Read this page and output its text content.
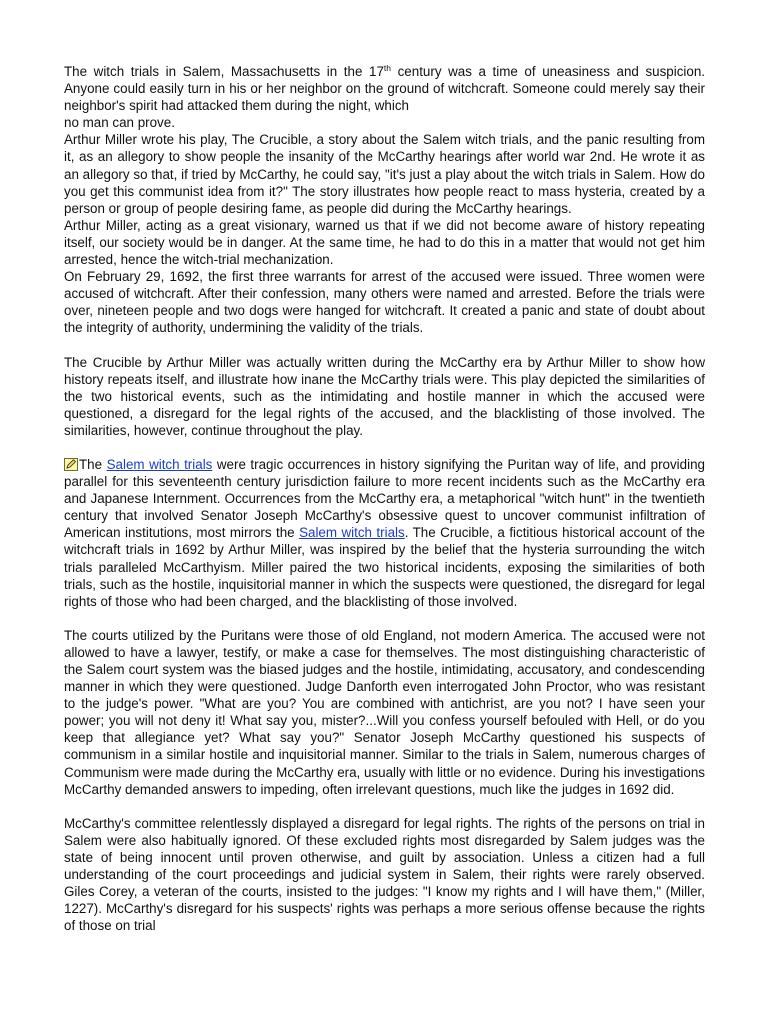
The witch trials in Salem, Massachusetts in the 17th century was a time of uneasiness and suspicion. Anyone could easily turn in his or her neighbor on the ground of witchcraft. Someone could merely say their neighbor's spirit had attacked them during the night, which

no man can prove.

Arthur Miller wrote his play, The Crucible, a story about the Salem witch trials, and the panic resulting from it, as an allegory to show people the insanity of the McCarthy hearings after world war 2nd. He wrote it as an allegory so that, if tried by McCarthy, he could say, "it's just a play about the witch trials in Salem. How do you get this communist idea from it?" The story illustrates how people react to mass hysteria, created by a person or group of people desiring fame, as people did during the McCarthy hearings.

Arthur Miller, acting as a great visionary, warned us that if we did not become aware of history repeating itself, our society would be in danger. At the same time, he had to do this in a matter that would not get him arrested, hence the witch-trial mechanization.

On February 29, 1692, the first three warrants for arrest of the accused were issued. Three women were accused of witchcraft. After their confession, many others were named and arrested. Before the trials were over, nineteen people and two dogs were hanged for witchcraft. It created a panic and state of doubt about the integrity of authority, undermining the validity of the trials.

The Crucible by Arthur Miller was actually written during the McCarthy era by Arthur Miller to show how history repeats itself, and illustrate how inane the McCarthy trials were. This play depicted the similarities of the two historical events, such as the intimidating and hostile manner in which the accused were questioned, a disregard for the legal rights of the accused, and the blacklisting of those involved. The similarities, however, continue throughout the play.

The Salem witch trials were tragic occurrences in history signifying the Puritan way of life, and providing parallel for this seventeenth century jurisdiction failure to more recent incidents such as the McCarthy era and Japanese Internment. Occurrences from the McCarthy era, a metaphorical "witch hunt" in the twentieth century that involved Senator Joseph McCarthy's obsessive quest to uncover communist infiltration of American institutions, most mirrors the Salem witch trials. The Crucible, a fictitious historical account of the witchcraft trials in 1692 by Arthur Miller, was inspired by the belief that the hysteria surrounding the witch trials paralleled McCarthyism. Miller paired the two historical incidents, exposing the similarities of both trials, such as the hostile, inquisitorial manner in which the suspects were questioned, the disregard for legal rights of those who had been charged, and the blacklisting of those involved.

The courts utilized by the Puritans were those of old England, not modern America. The accused were not allowed to have a lawyer, testify, or make a case for themselves. The most distinguishing characteristic of the Salem court system was the biased judges and the hostile, intimidating, accusatory, and condescending manner in which they were questioned. Judge Danforth even interrogated John Proctor, who was resistant to the judge's power. "What are you? You are combined with antichrist, are you not? I have seen your power; you will not deny it! What say you, mister?...Will you confess yourself befouled with Hell, or do you keep that allegiance yet? What say you?" Senator Joseph McCarthy questioned his suspects of communism in a similar hostile and inquisitorial manner. Similar to the trials in Salem, numerous charges of Communism were made during the McCarthy era, usually with little or no evidence. During his investigations McCarthy demanded answers to impeding, often irrelevant questions, much like the judges in 1692 did.

McCarthy's committee relentlessly displayed a disregard for legal rights. The rights of the persons on trial in Salem were also habitually ignored. Of these excluded rights most disregarded by Salem judges was the state of being innocent until proven otherwise, and guilt by association. Unless a citizen had a full understanding of the court proceedings and judicial system in Salem, their rights were rarely observed. Giles Corey, a veteran of the courts, insisted to the judges: "I know my rights and I will have them," (Miller, 1227). McCarthy's disregard for his suspects' rights was perhaps a more serious offense because the rights of those on trial
